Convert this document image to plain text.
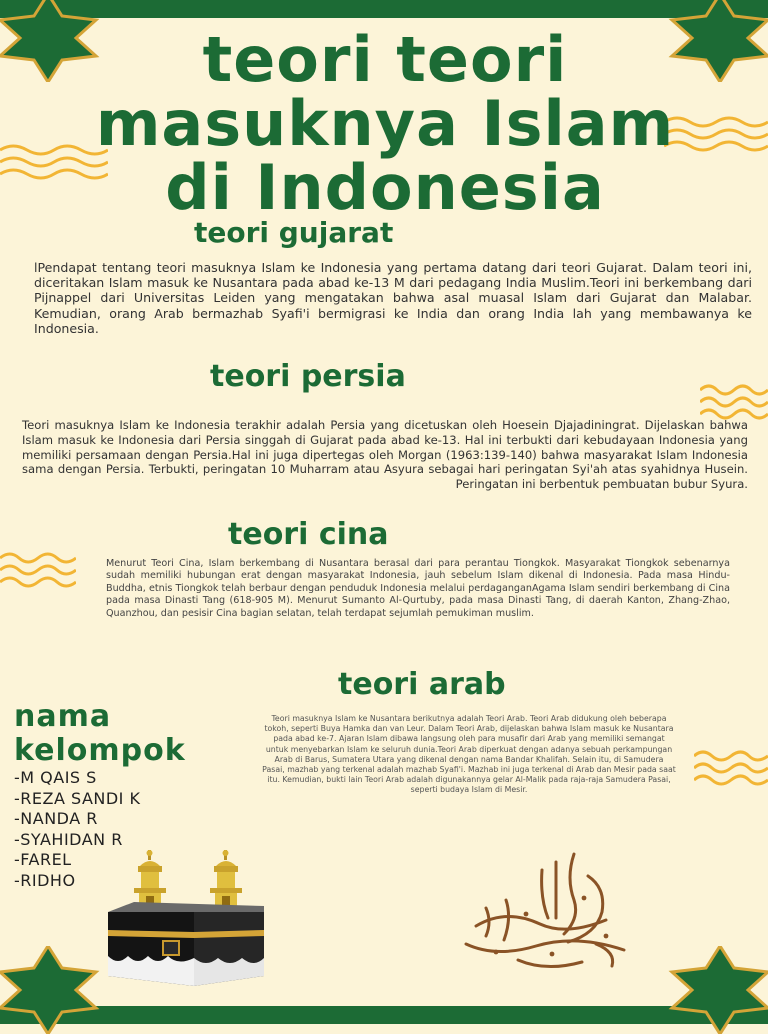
teori teori
masuknya Islam
di Indonesia
teori gujarat
lPendapat tentang teori masuknya Islam ke Indonesia yang pertama datang dari teori Gujarat. Dalam teori ini, diceritakan Islam masuk ke Nusantara pada abad ke-13 M dari pedagang India Muslim.Teori ini berkembang dari Pijnappel dari Universitas Leiden yang mengatakan bahwa asal muasal Islam dari Gujarat dan Malabar. Kemudian, orang Arab bermazhab Syafi'i bermigrasi ke India dan orang India lah yang membawanya ke Indonesia.
teori persia
Teori masuknya Islam ke Indonesia terakhir adalah Persia yang dicetuskan oleh Hoesein Djajadiningrat. Dijelaskan bahwa Islam masuk ke Indonesia dari Persia singgah di Gujarat pada abad ke-13. Hal ini terbukti dari kebudayaan Indonesia yang memiliki persamaan dengan Persia.Hal ini juga dipertegas oleh Morgan (1963:139-140) bahwa masyarakat Islam Indonesia sama dengan Persia. Terbukti, peringatan 10 Muharram atau Asyura sebagai hari peringatan Syi'ah atas syahidnya Husein. Peringatan ini berbentuk pembuatan bubur Syura.
teori cina
Menurut Teori Cina, Islam berkembang di Nusantara berasal dari para perantau Tiongkok. Masyarakat Tiongkok sebenarnya sudah memiliki hubungan erat dengan masyarakat Indonesia, jauh sebelum Islam dikenal di Indonesia. Pada masa Hindu-Buddha, etnis Tiongkok telah berbaur dengan penduduk Indonesia melalui perdaganganAgama Islam sendiri berkembang di Cina pada masa Dinasti Tang (618-905 M). Menurut Sumanto Al-Qurtuby, pada masa Dinasti Tang, di daerah Kanton, Zhang-Zhao, Quanzhou, dan pesisir Cina bagian selatan, telah terdapat sejumlah pemukiman muslim.
teori arab
Teori masuknya Islam ke Nusantara berikutnya adalah Teori Arab. Teori Arab didukung oleh beberapa tokoh, seperti Buya Hamka dan van Leur. Dalam Teori Arab, dijelaskan bahwa Islam masuk ke Nusantara pada abad ke-7. Ajaran Islam dibawa langsung oleh para musafir dari Arab yang memiliki semangat untuk menyebarkan Islam ke seluruh dunia.Teori Arab diperkuat dengan adanya sebuah perkampungan Arab di Barus, Sumatera Utara yang dikenal dengan nama Bandar Khalifah. Selain itu, di Samudera Pasai, mazhab yang terkenal adalah mazhab Syafi'i. Mazhab ini juga terkenal di Arab dan Mesir pada saat itu. Kemudian, bukti lain Teori Arab adalah digunakannya gelar Al-Malik pada raja-raja Samudera Pasai, seperti budaya Islam di Mesir.
nama
kelompok
-M QAIS S
-REZA SANDI K
-NANDA R
-SYAHIDAN R
-FAREL
-RIDHO
